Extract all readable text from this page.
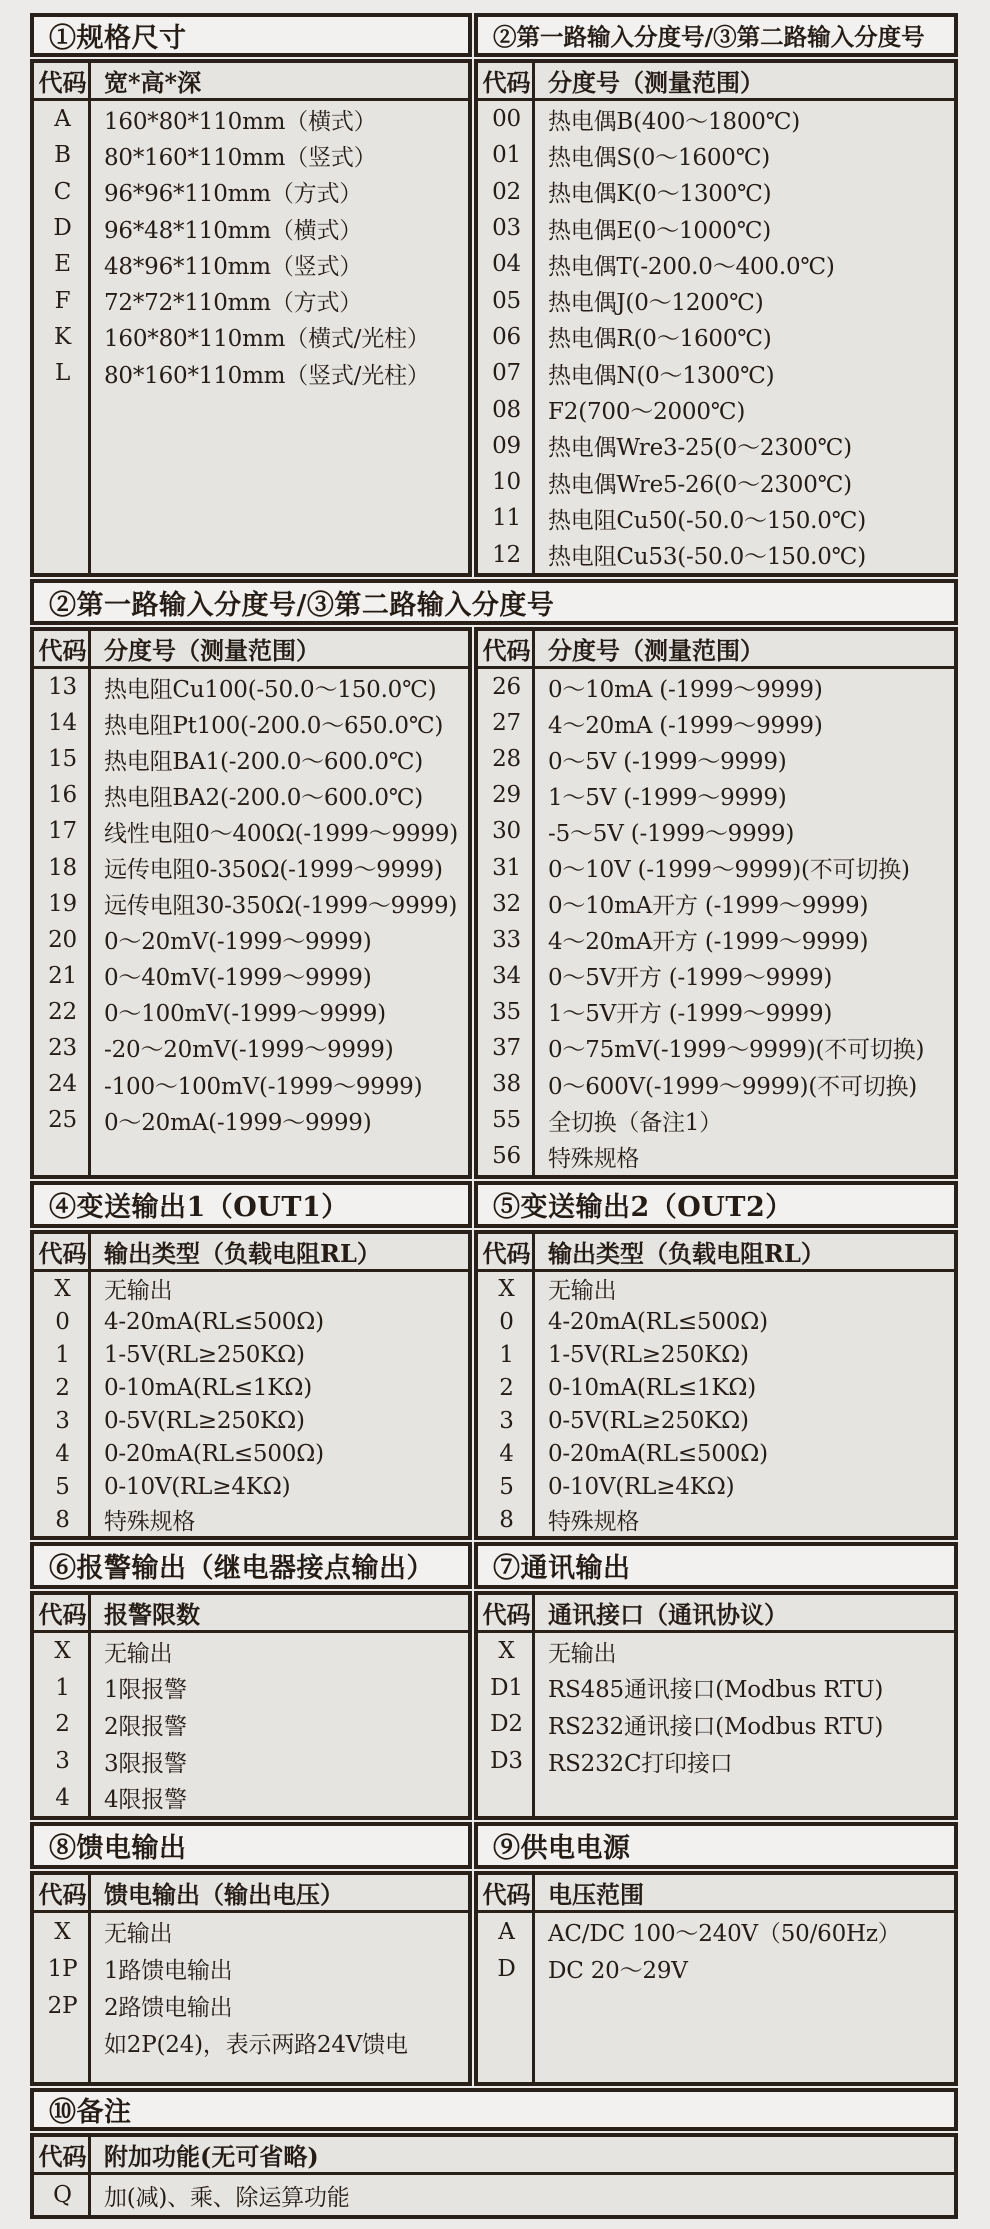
①规格尺寸	②第一路输入分度号/③第二路输入分度号
代码 宽*高*深
A	160*80*110mm（横式）
B	80*160*110mm（竖式）
C	96*96*110mm（方式）
D	96*48*110mm（横式）
E	48*96*110mm（竖式）
F	72*72*110mm（方式）
K	160*80*110mm（横式/光柱）
L	80*160*110mm（竖式/光柱）
代码 分度号（测量范围）
00	热电偶B(400～1800℃)
01	热电偶S(0～1600℃)
02	热电偶K(0～1300℃)
03	热电偶E(0～1000℃)
04	热电偶T(-200.0～400.0℃)
05	热电偶J(0～1200℃)
06	热电偶R(0～1600℃)
07	热电偶N(0～1300℃)
08	F2(700～2000℃)
09	热电偶Wre3-25(0～2300℃)
10	热电偶Wre5-26(0～2300℃)
11	热电阻Cu50(-50.0～150.0℃)
12	热电阻Cu53(-50.0～150.0℃)
②第一路输入分度号/③第二路输入分度号
代码 分度号（测量范围）
13	热电阻Cu100(-50.0～150.0℃)
14	热电阻Pt100(-200.0～650.0℃)
15	热电阻BA1(-200.0～600.0℃)
16	热电阻BA2(-200.0～600.0℃)
17	线性电阻0～400Ω(-1999～9999)
18	远传电阻0-350Ω(-1999～9999)
19	远传电阻30-350Ω(-1999～9999)
20	0～20mV(-1999～9999)
21	0～40mV(-1999～9999)
22	0～100mV(-1999～9999)
23	-20～20mV(-1999～9999)
24	-100～100mV(-1999～9999)
25	0～20mA(-1999～9999)
代码 分度号（测量范围）
26	0～10mA (-1999～9999)
27	4～20mA (-1999～9999)
28	0～5V (-1999～9999)
29	1～5V (-1999～9999)
30	-5～5V (-1999～9999)
31	0～10V (-1999～9999)(不可切换)
32	0～10mA开方 (-1999～9999)
33	4～20mA开方 (-1999～9999)
34	0～5V开方 (-1999～9999)
35	1～5V开方 (-1999～9999)
37	0～75mV(-1999～9999)(不可切换)
38	0～600V(-1999～9999)(不可切换)
55	全切换（备注1）
56	特殊规格
④变送输出1（OUT1）	⑤变送输出2（OUT2）
代码 输出类型（负载电阻RL）
X	无输出
0	4-20mA(RL≤500Ω)
1	1-5V(RL≥250KΩ)
2	0-10mA(RL≤1KΩ)
3	0-5V(RL≥250KΩ)
4	0-20mA(RL≤500Ω)
5	0-10V(RL≥4KΩ)
8	特殊规格
代码 输出类型（负载电阻RL）
X	无输出
0	4-20mA(RL≤500Ω)
1	1-5V(RL≥250KΩ)
2	0-10mA(RL≤1KΩ)
3	0-5V(RL≥250KΩ)
4	0-20mA(RL≤500Ω)
5	0-10V(RL≥4KΩ)
8	特殊规格
⑥报警输出（继电器接点输出）	⑦通讯输出
代码 报警限数
X	无输出
1	1限报警
2	2限报警
3	3限报警
4	4限报警
代码 通讯接口（通讯协议）
X	无输出
D1	RS485通讯接口(Modbus RTU)
D2	RS232通讯接口(Modbus RTU)
D3	RS232C打印接口
⑧馈电输出	⑨供电电源
代码 馈电输出（输出电压）
X	无输出
1P	1路馈电输出
2P	2路馈电输出
如2P(24)，表示两路24V馈电
代码 电压范围
A	AC/DC 100～240V（50/60Hz）
D	DC 20～29V
⑩备注
代码 附加功能(无可省略)
Q	加(减)、乘、除运算功能
